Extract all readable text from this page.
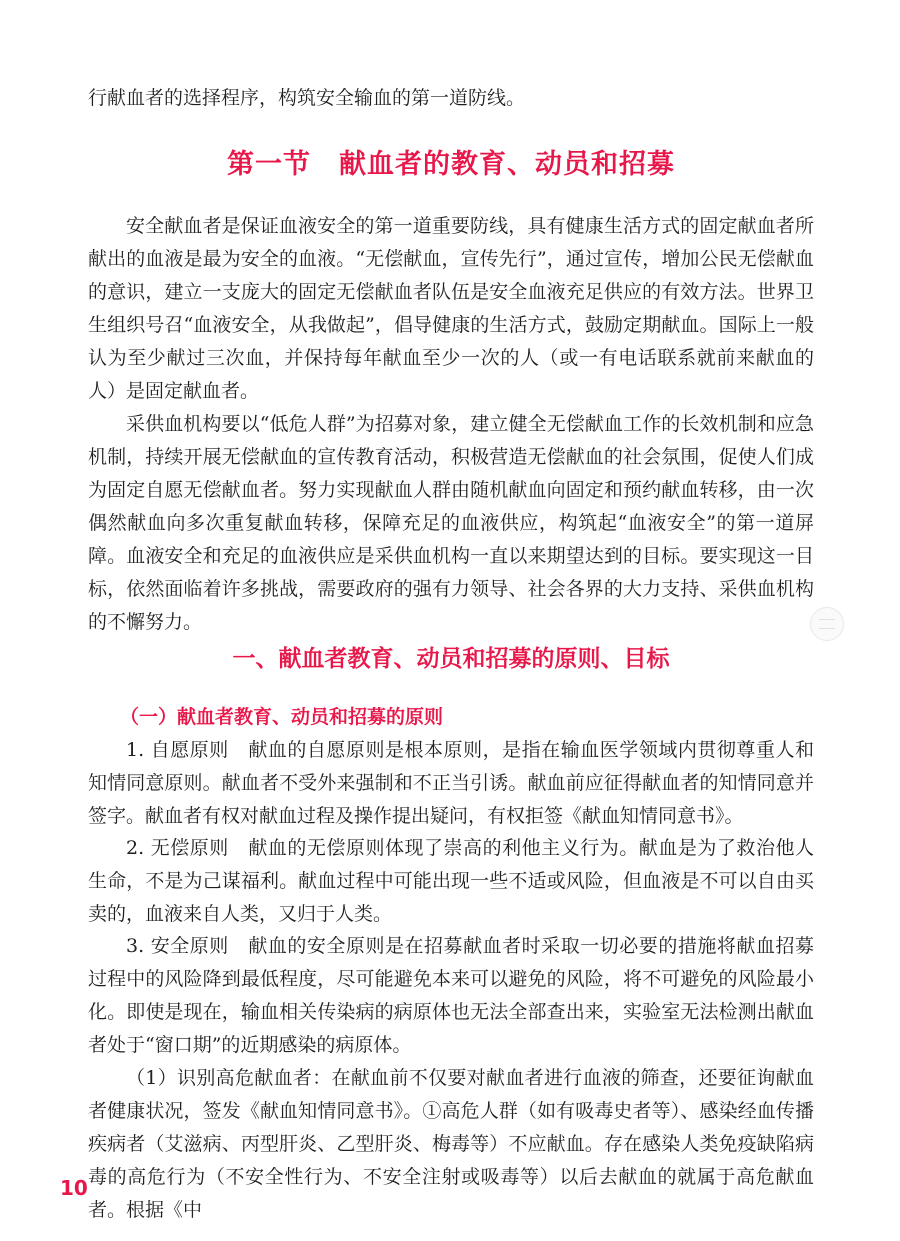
行献血者的选择程序，构筑安全输血的第一道防线。

第一节　献血者的教育、动员和招募

安全献血者是保证血液安全的第一道重要防线，具有健康生活方式的固定献血者所献出的血液是最为安全的血液。“无偿献血，宣传先行”，通过宣传，增加公民无偿献血的意识，建立一支庞大的固定无偿献血者队伍是安全血液充足供应的有效方法。世界卫生组织号召“血液安全，从我做起”，倡导健康的生活方式，鼓励定期献血。国际上一般认为至少献过三次血，并保持每年献血至少一次的人（或一有电话联系就前来献血的人）是固定献血者。

采供血机构要以“低危人群”为招募对象，建立健全无偿献血工作的长效机制和应急机制，持续开展无偿献血的宣传教育活动，积极营造无偿献血的社会氛围，促使人们成为固定自愿无偿献血者。努力实现献血人群由随机献血向固定和预约献血转移，由一次偶然献血向多次重复献血转移，保障充足的血液供应，构筑起“血液安全”的第一道屏障。血液安全和充足的血液供应是采供血机构一直以来期望达到的目标。要实现这一目标，依然面临着许多挑战，需要政府的强有力领导、社会各界的大力支持、采供血机构的不懈努力。

一、献血者教育、动员和招募的原则、目标
（一）献血者教育、动员和招募的原则

1. 自愿原则　献血的自愿原则是根本原则，是指在输血医学领域内贯彻尊重人和知情同意原则。献血者不受外来强制和不正当引诱。献血前应征得献血者的知情同意并签字。献血者有权对献血过程及操作提出疑问，有权拒签《献血知情同意书》。

2. 无偿原则　献血的无偿原则体现了崇高的利他主义行为。献血是为了救治他人生命，不是为己谋福利。献血过程中可能出现一些不适或风险，但血液是不可以自由买卖的，血液来自人类，又归于人类。

3. 安全原则　献血的安全原则是在招募献血者时采取一切必要的措施将献血招募过程中的风险降到最低程度，尽可能避免本来可以避免的风险，将不可避免的风险最小化。即使是现在，输血相关传染病的病原体也无法全部查出来，实验室无法检测出献血者处于“窗口期”的近期感染的病原体。

（1）识别高危献血者：在献血前不仅要对献血者进行血液的筛查，还要征询献血者健康状况，签发《献血知情同意书》。①高危人群（如有吸毒史者等）、感染经血传播疾病者（艾滋病、丙型肝炎、乙型肝炎、梅毒等）不应献血。存在感染人类免疫缺陷病毒的高危行为（不安全性行为、不安全注射或吸毒等）以后去献血的就属于高危献血者。根据《中

10
